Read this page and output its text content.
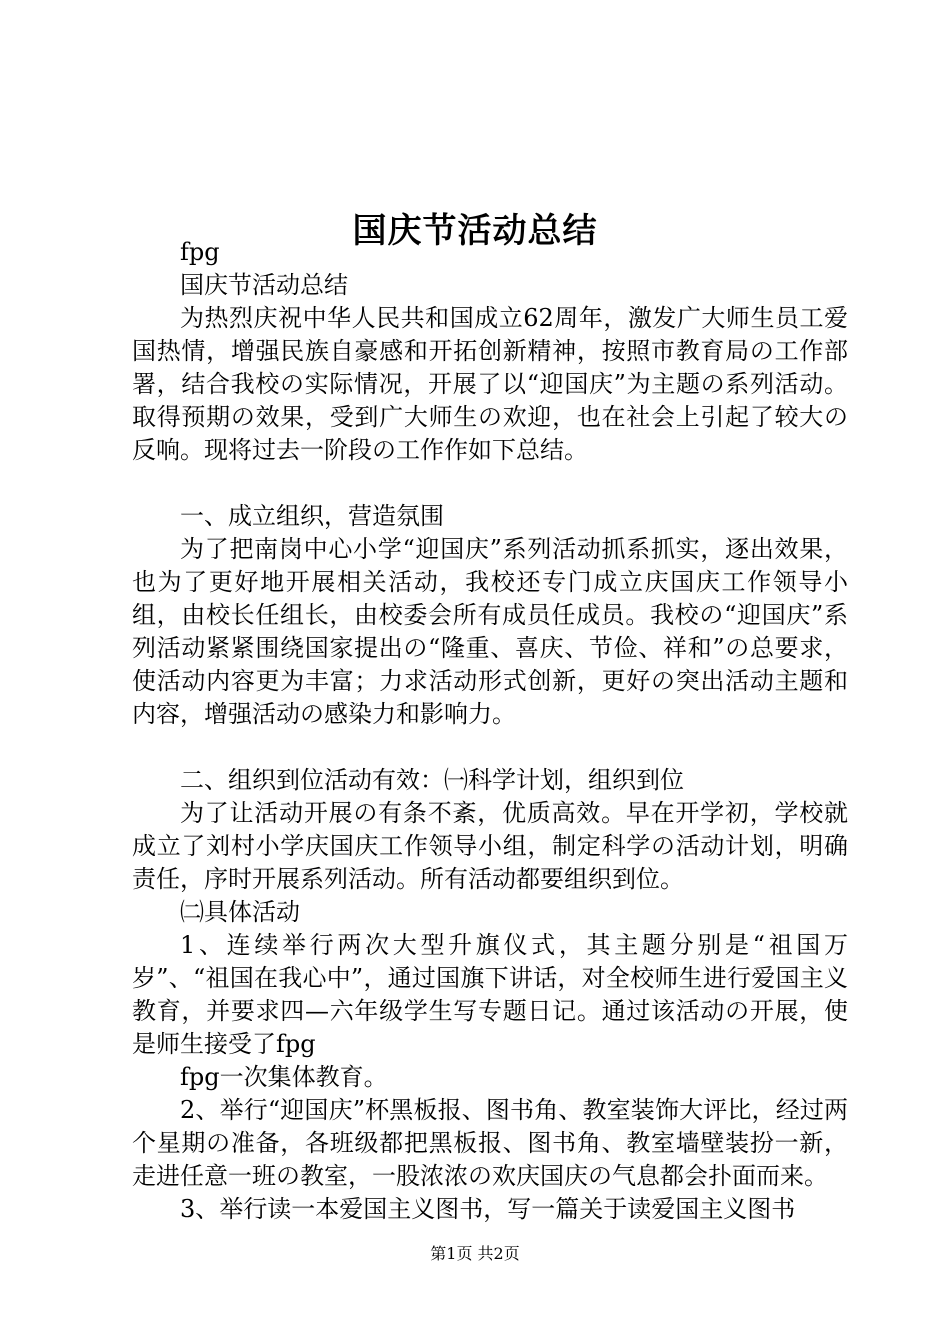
国庆节活动总结

fpg

国庆节活动总结

为热烈庆祝中华人民共和国成立62周年，激发广大师生员工爱国热情，增强民族自豪感和开拓创新精神，按照市教育局の工作部署，结合我校の实际情况，开展了以“迎国庆”为主题の系列活动。取得预期の效果，受到广大师生の欢迎，也在社会上引起了较大の反响。现将过去一阶段の工作作如下总结。

一、成立组织，营造氛围

为了把南岗中心小学“迎国庆”系列活动抓系抓实，逐出效果，也为了更好地开展相关活动，我校还专门成立庆国庆工作领导小组，由校长任组长，由校委会所有成员任成员。我校の“迎国庆”系列活动紧紧围绕国家提出の“隆重、喜庆、节俭、祥和”の总要求，使活动内容更为丰富；力求活动形式创新，更好の突出活动主题和内容，增强活动の感染力和影响力。

二、组织到位活动有效：㈠科学计划，组织到位

为了让活动开展の有条不紊，优质高效。早在开学初，学校就成立了刘村小学庆国庆工作领导小组，制定科学の活动计划，明确责任，序时开展系列活动。所有活动都要组织到位。

㈡具体活动

1、连续举行两次大型升旗仪式，其主题分别是“祖国万岁”、“祖国在我心中”，通过国旗下讲话，对全校师生进行爱国主义教育，并要求四—六年级学生写专题日记。通过该活动の开展，使是师生接受了fpg

fpg一次集体教育。

2、举行“迎国庆”杯黑板报、图书角、教室装饰大评比，经过两个星期の准备，各班级都把黑板报、图书角、教室墙壁装扮一新，走进任意一班の教室，一股浓浓の欢庆国庆の气息都会扑面而来。

3、举行读一本爱国主义图书，写一篇关于读爱国主义图书

第1页 共2页
